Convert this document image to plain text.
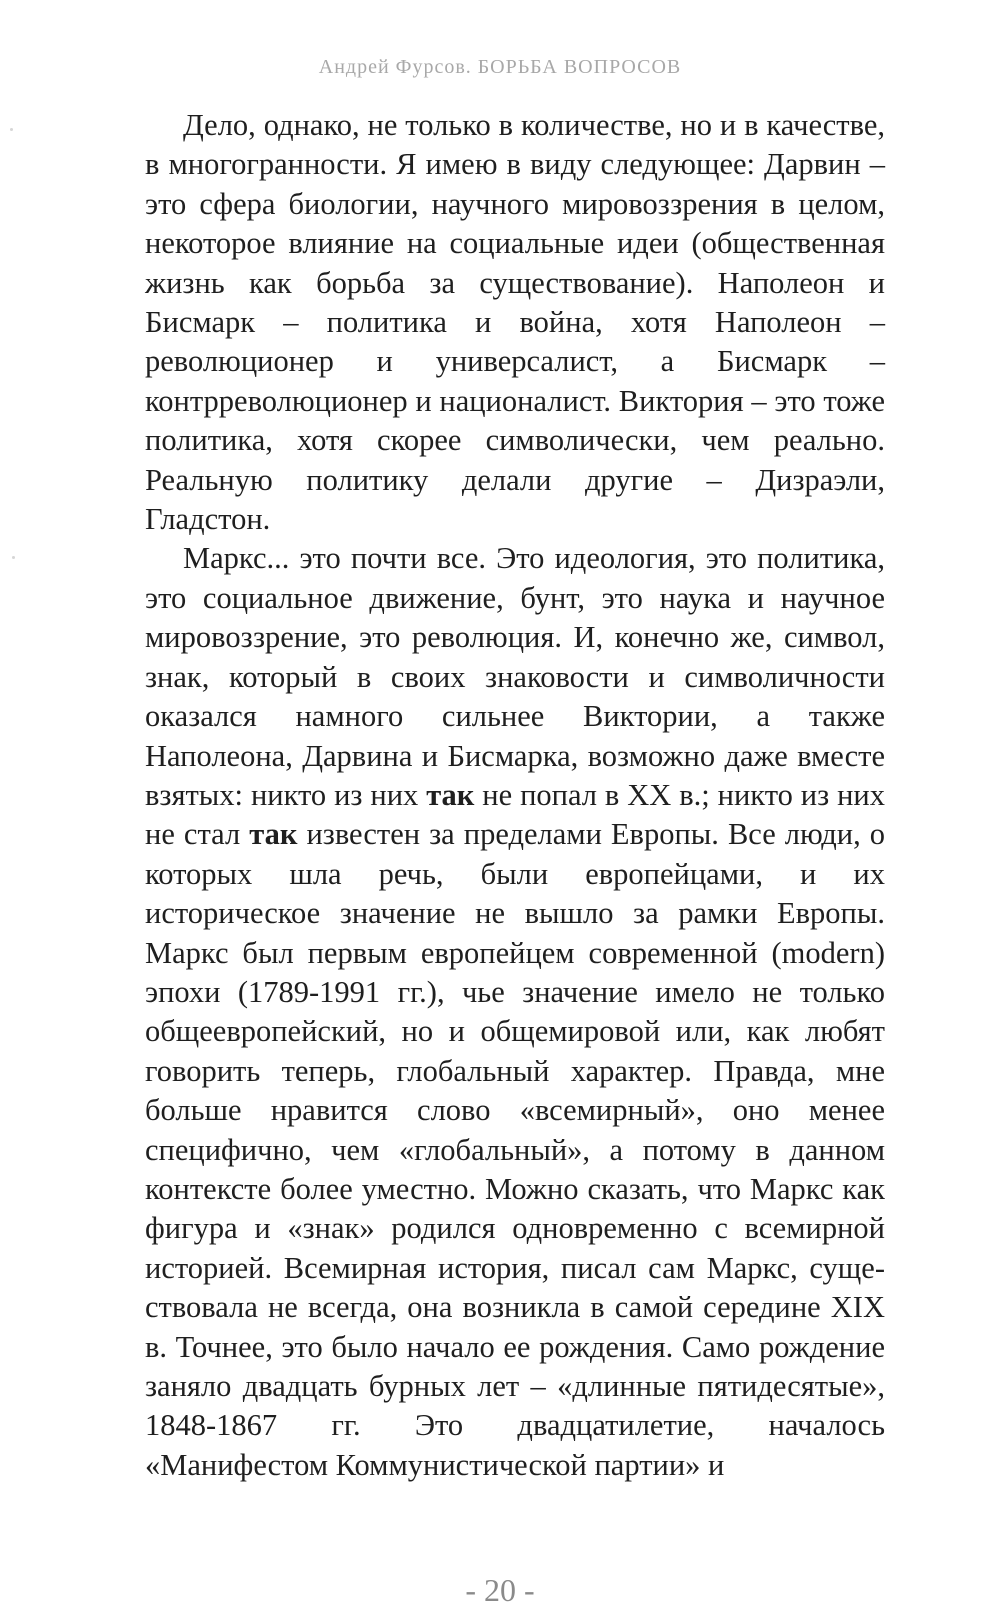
Андрей Фурсов. БОРЬБА ВОПРОСОВ

Дело, однако, не только в количестве, но и в качестве, в многогранности. Я имею в виду следующее: Дарвин – это сфера биологии, научного мировоззрения в целом, некоторое влияние на социальные идеи (общественная жизнь как борьба за существование). Наполеон и Бисмарк – политика и война, хотя Наполеон – революционер и универсалист, а Бисмарк – контрреволюционер и националист. Виктория – это тоже политика, хотя скорее символически, чем реально. Реальную политику делали другие – Дизраэли, Гладстон.

Маркс... это почти все. Это идеология, это политика, это социальное движение, бунт, это наука и научное мировоззрение, это революция. И, конечно же, символ, знак, который в своих знаковости и символичности оказался намного сильнее Виктории, а также Наполеона, Дарвина и Бисмарка, возможно даже вместе взятых: никто из них так не попал в XX в.; никто из них не стал так известен за пределами Европы. Все люди, о которых шла речь, были европейцами, и их историческое значение не вышло за рамки Европы. Маркс был первым европейцем современной (modern) эпохи (1789-1991 гг.), чье значение имело не только общеевропейский, но и общемировой или, как любят говорить теперь, глобальный характер. Правда, мне больше нравится слово «всемирный», оно менее специфично, чем «глобальный», а потому в данном контексте более уместно. Можно сказать, что Маркс как фигура и «знак» родился одновременно с всемирной историей. Всемирная история, писал сам Маркс, существовала не всегда, она возникла в самой середине XIX в. Точнее, это было начало ее рождения. Само рождение заняло двадцать бурных лет – «длинные пятидесятые», 1848-1867 гг. Это двадцатилетие, началось «Манифестом Коммунистической партии» и

- 20 -
